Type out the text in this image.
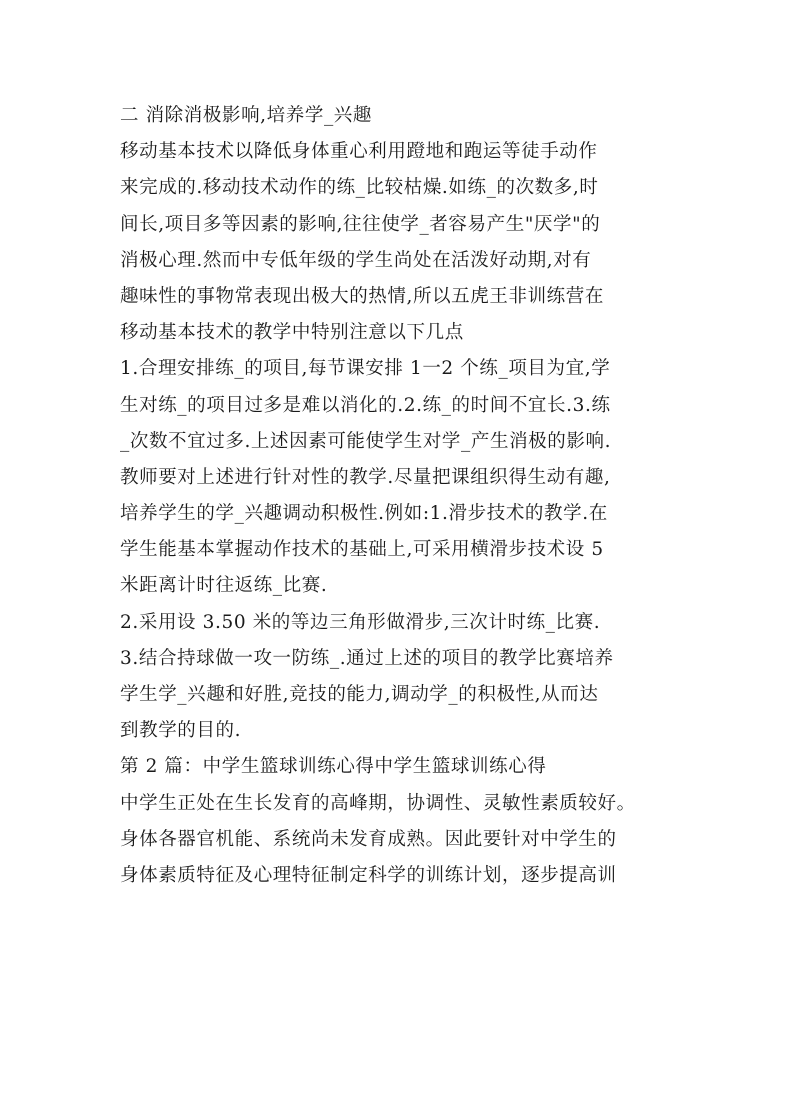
二 消除消极影响,培养学_兴趣
移动基本技术以降低身体重心利用蹬地和跑运等徒手动作
来完成的.移动技术动作的练_比较枯燥.如练_的次数多,时
间长,项目多等因素的影响,往往使学_者容易产生"厌学"的
消极心理.然而中专低年级的学生尚处在活泼好动期,对有
趣味性的事物常表现出极大的热情,所以五虎王非训练营在
移动基本技术的教学中特别注意以下几点
1.合理安排练_的项目,每节课安排 1一2 个练_项目为宜,学
生对练_的项目过多是难以消化的.2.练_的时间不宜长.3.练
_次数不宜过多.上述因素可能使学生对学_产生消极的影响.
教师要对上述进行针对性的教学.尽量把课组织得生动有趣,
培养学生的学_兴趣调动积极性.例如:1.滑步技术的教学.在
学生能基本掌握动作技术的基础上,可采用横滑步技术设 5
米距离计时往返练_比赛.
2.采用设 3.50 米的等边三角形做滑步,三次计时练_比赛.
3.结合持球做一攻一防练_.通过上述的项目的教学比赛培养
学生学_兴趣和好胜,竞技的能力,调动学_的积极性,从而达
到教学的目的.
第 2 篇：中学生篮球训练心得中学生篮球训练心得
中学生正处在生长发育的高峰期，协调性、灵敏性素质较好。
身体各器官机能、系统尚未发育成熟。因此要针对中学生的
身体素质特征及心理特征制定科学的训练计划，逐步提高训
